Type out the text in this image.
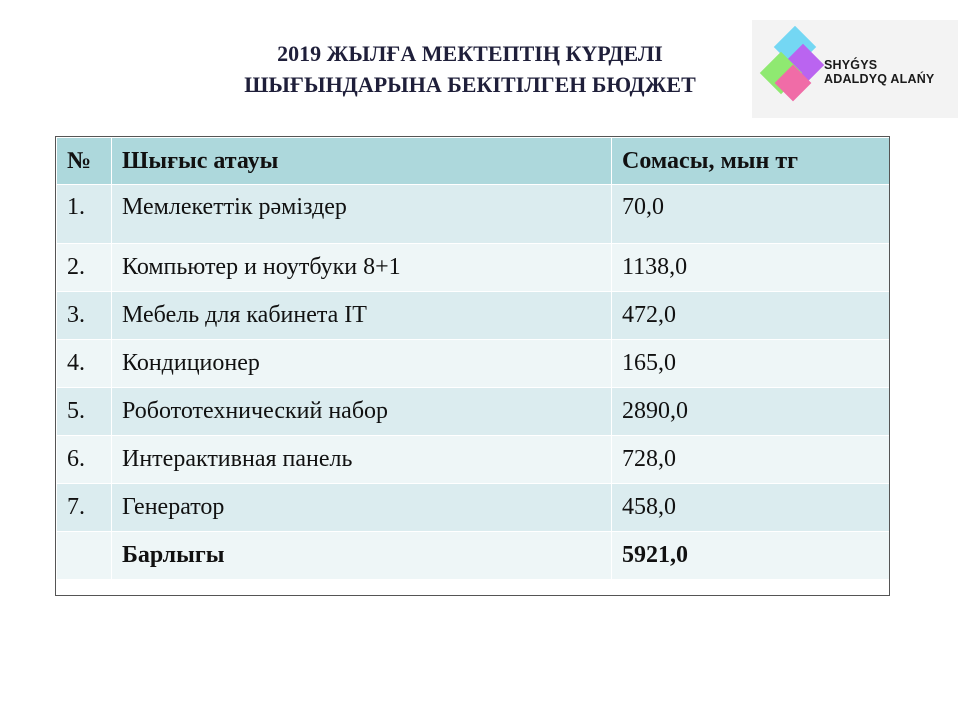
2019 ЖЫЛҒА МЕКТЕПТІҢ КҮРДЕЛІ
ШЫҒЫНДАРЫНА БЕКІТІЛГЕН БЮДЖЕТ
SHYǴYS
ADALDYQ ALAŃY
№	Шығыс атауы	Сомасы, мын тг
1.	Мемлекеттік рәміздер	70,0
2.	Компьютер и ноутбуки 8+1	1138,0
3.	Мебель для кабинета IT	472,0
4.	Кондиционер	165,0
5.	Робототехнический набор	2890,0
6.	Интерактивная панель	728,0
7.	Генератор	458,0
	Барлыгы	5921,0
